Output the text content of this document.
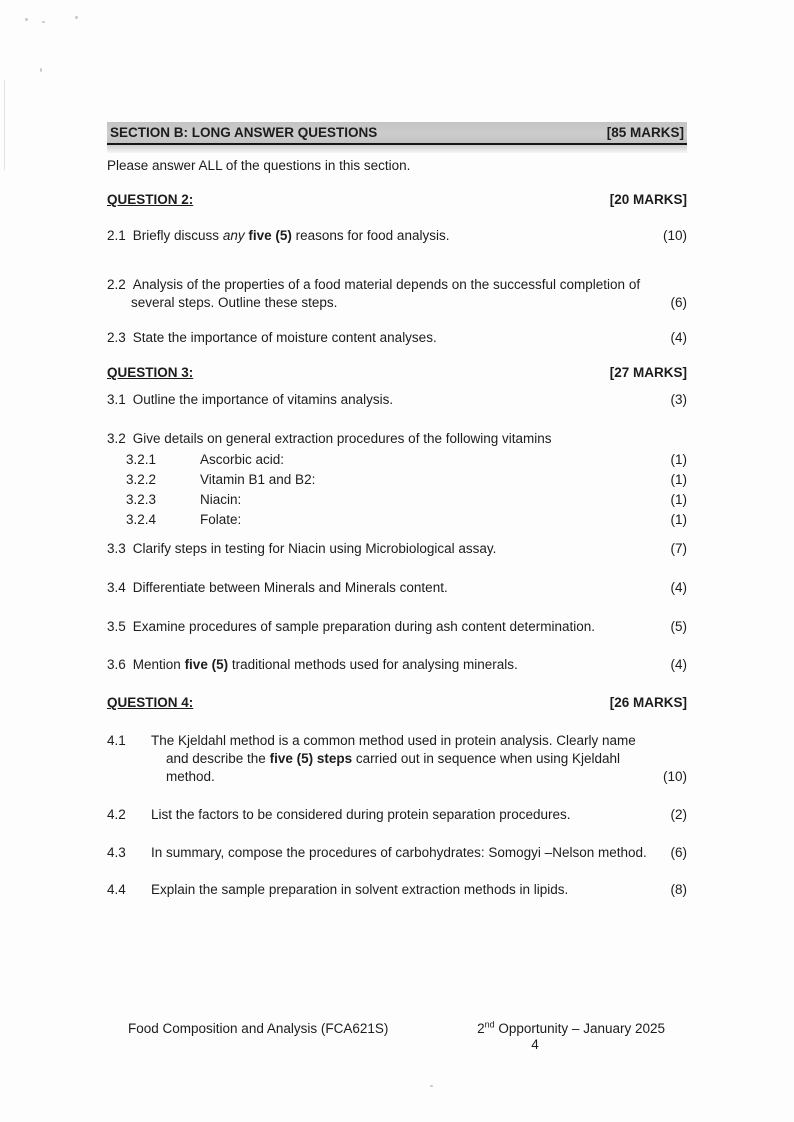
SECTION B: LONG ANSWER QUESTIONS	[85 MARKS]
Please answer ALL of the questions in this section.
QUESTION 2:	[20 MARKS]
2.1 Briefly discuss any five (5) reasons for food analysis.	(10)
2.2 Analysis of the properties of a food material depends on the successful completion of several steps. Outline these steps.	(6)
2.3 State the importance of moisture content analyses.	(4)
QUESTION 3:	[27 MARKS]
3.1 Outline the importance of vitamins analysis.	(3)
3.2 Give details on general extraction procedures of the following vitamins
3.2.1	Ascorbic acid:	(1)
3.2.2	Vitamin B1 and B2:	(1)
3.2.3	Niacin:	(1)
3.2.4	Folate:	(1)
3.3 Clarify steps in testing for Niacin using Microbiological assay.	(7)
3.4 Differentiate between Minerals and Minerals content.	(4)
3.5 Examine procedures of sample preparation during ash content determination.	(5)
3.6 Mention five (5) traditional methods used for analysing minerals.	(4)
QUESTION 4:	[26 MARKS]
4.1	The Kjeldahl method is a common method used in protein analysis. Clearly name and describe the five (5) steps carried out in sequence when using Kjeldahl method.	(10)
4.2	List the factors to be considered during protein separation procedures.	(2)
4.3	In summary, compose the procedures of carbohydrates: Somogyi –Nelson method.	(6)
4.4	Explain the sample preparation in solvent extraction methods in lipids.	(8)
Food Composition and Analysis (FCA621S)	2nd Opportunity – January 2025
4
